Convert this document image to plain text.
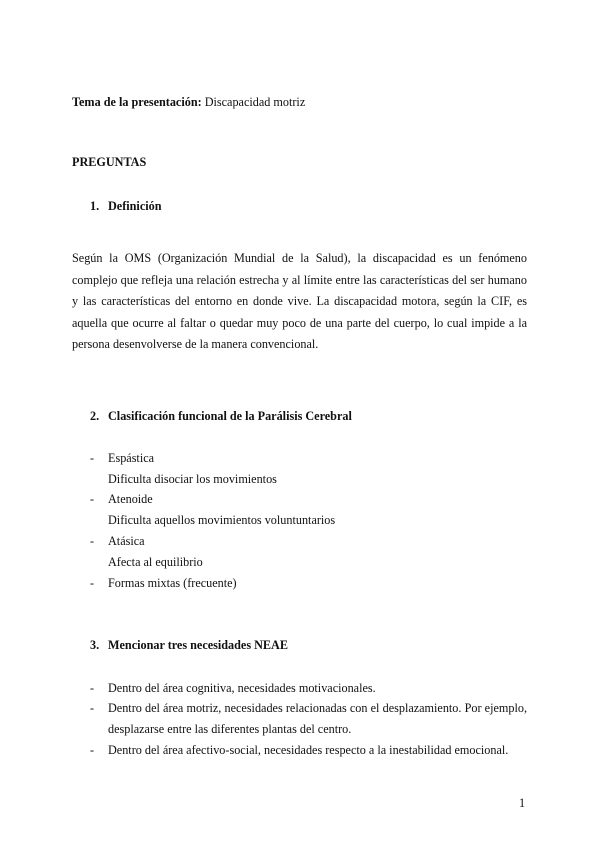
Tema de la presentación: Discapacidad motriz
PREGUNTAS
1. Definición
Según la OMS (Organización Mundial de la Salud), la discapacidad es un fenómeno complejo que refleja una relación estrecha y al límite entre las características del ser humano y las características del entorno en donde vive. La discapacidad motora, según la CIF, es aquella que ocurre al faltar o quedar muy poco de una parte del cuerpo, lo cual impide a la persona desenvolverse de la manera convencional.
2. Clasificación funcional de la Parálisis Cerebral
- Espástica
Dificulta disociar los movimientos
- Atenoide
Dificulta aquellos movimientos voluntuntarios
- Atásica
Afecta al equilibrio
- Formas mixtas (frecuente)
3. Mencionar tres necesidades NEAE
- Dentro del área cognitiva, necesidades motivacionales.
- Dentro del área motriz, necesidades relacionadas con el desplazamiento. Por ejemplo, desplazarse entre las diferentes plantas del centro.
- Dentro del área afectivo-social, necesidades respecto a la inestabilidad emocional.
1
